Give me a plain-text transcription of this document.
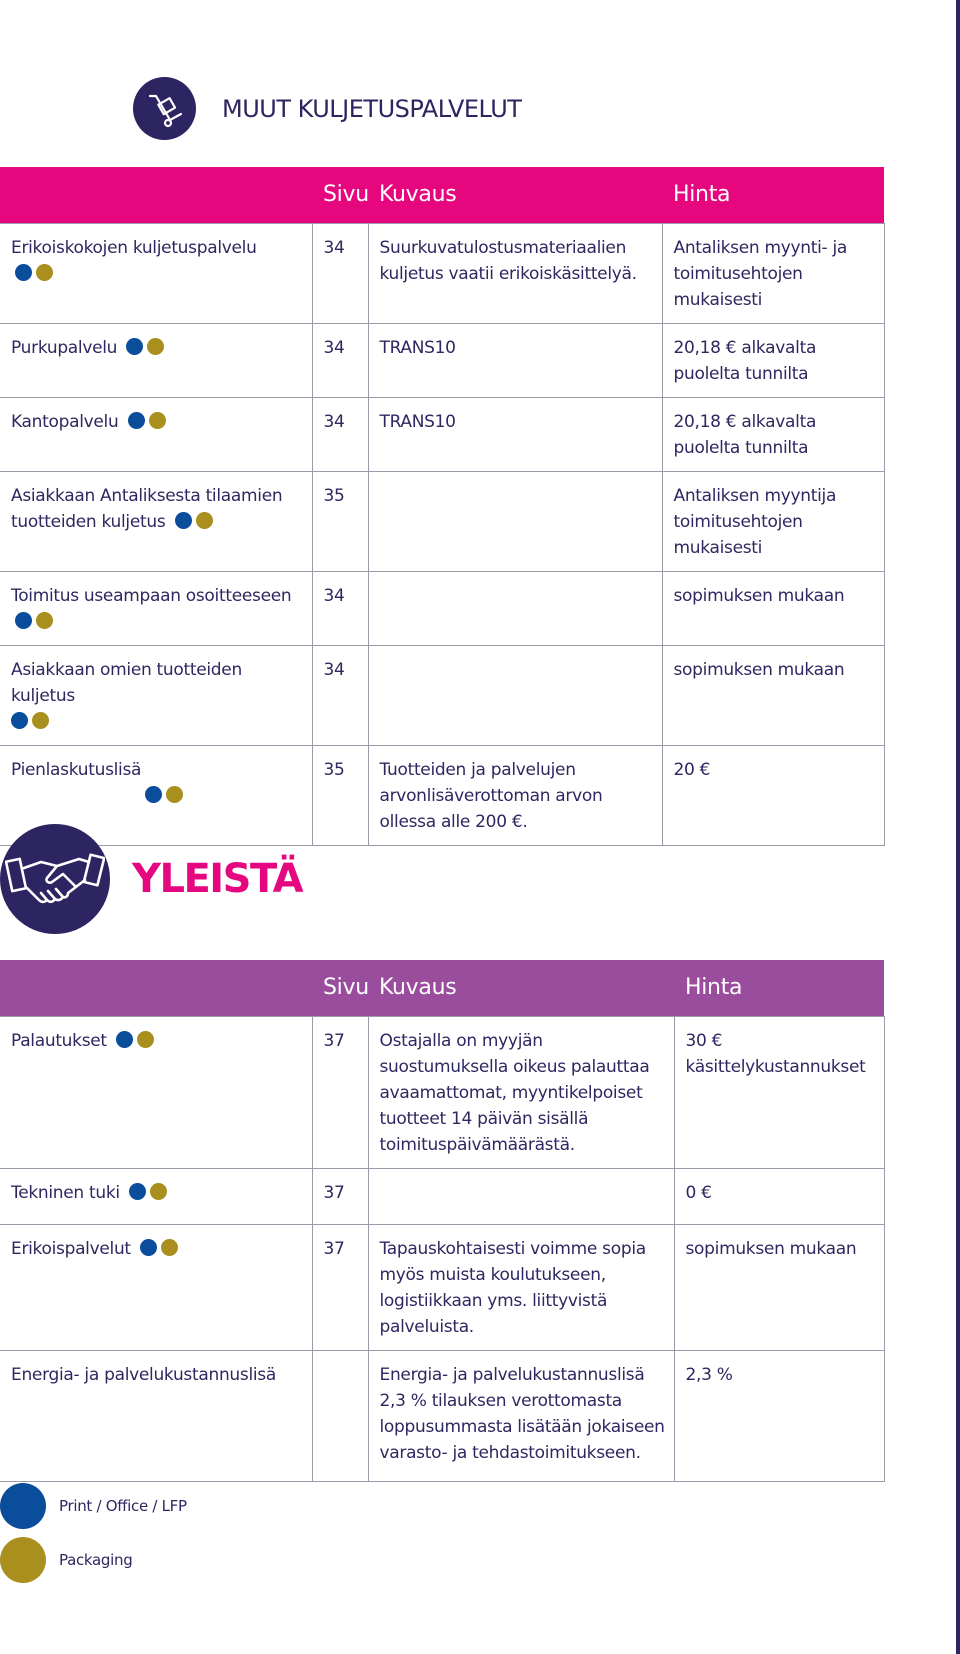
MUUT KULJETUSPALVELUT
	Sivu	Kuvaus	Hinta
Erikoiskokojen kuljetuspalvelu	34	Suurkuvatulostusmateriaalien kuljetus vaatii erikoiskäsittelyä.	Antaliksen myynti- ja toimitusehtojen mukaisesti
Purkupalvelu	34	TRANS10	20,18 € alkavalta puolelta tunnilta
Kantopalvelu	34	TRANS10	20,18 € alkavalta puolelta tunnilta
Asiakkaan Antaliksesta tilaamien tuotteiden kuljetus	35		Antaliksen myyntija toimitusehtojen mukaisesti
Toimitus useampaan osoitteeseen	34		sopimuksen mukaan
Asiakkaan omien tuotteiden kuljetus	34		sopimuksen mukaan
Pienlaskutuslisä	35	Tuotteiden ja palvelujen arvonlisäverottoman arvon ollessa alle 200 €.	20 €
YLEISTÄ
	Sivu	Kuvaus	Hinta
Palautukset	37	Ostajalla on myyjän suostumuksella oikeus palauttaa avaamattomat, myyntikelpoiset tuotteet 14 päivän sisällä toimituspäivämäärästä.	30 € käsittelykustannukset
Tekninen tuki	37		0 €
Erikoispalvelut	37	Tapauskohtaisesti voimme sopia myös muista koulutukseen, logistiikkaan yms. liittyvistä palveluista.	sopimuksen mukaan
Energia- ja palvelukustannuslisä		Energia- ja palvelukustannuslisä 2,3 % tilauksen verottomasta loppusummasta lisätään jokaiseen varasto- ja tehdastoimitukseen.	2,3 %
Print / Office / LFP
Packaging
